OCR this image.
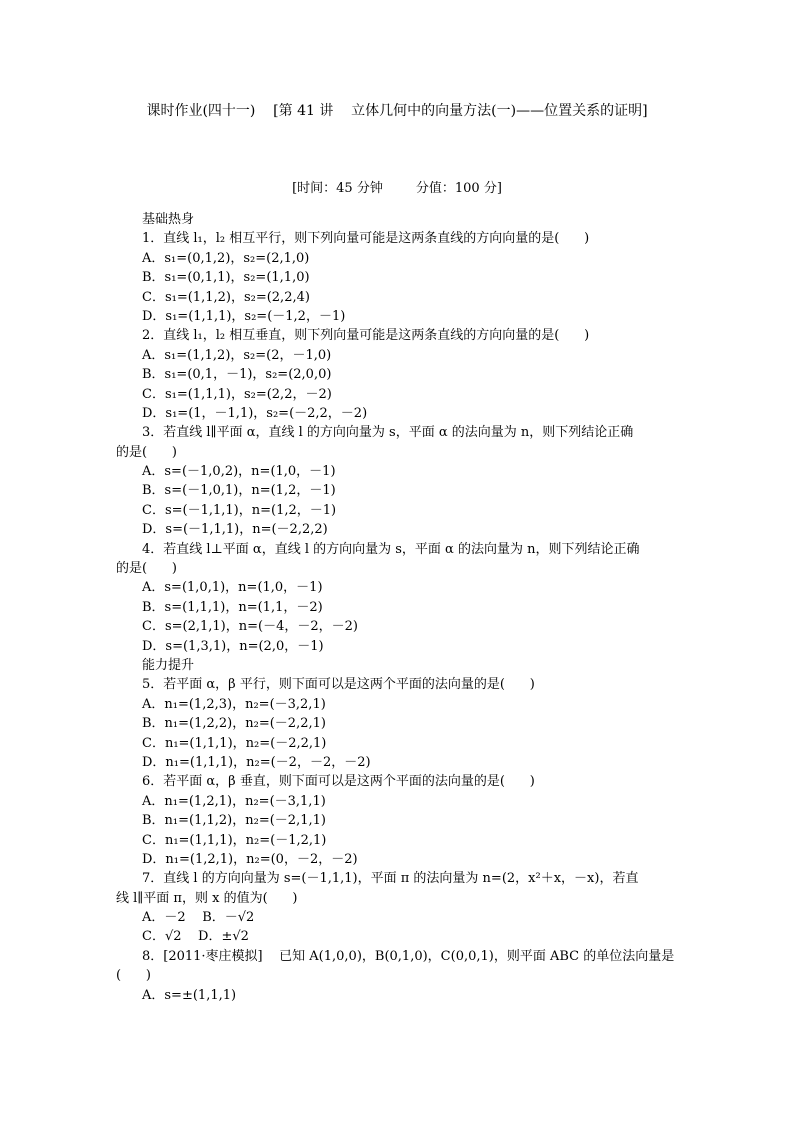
课时作业(四十一)    [第 41 讲    立体几何中的向量方法(一)——位置关系的证明]
[时间：45 分钟        分值：100 分]
基础热身
1．直线 l₁，l₂ 相互平行，则下列向量可能是这两条直线的方向向量的是(      )
A．s₁=(0,1,2)，s₂=(2,1,0)
B．s₁=(0,1,1)，s₂=(1,1,0)
C．s₁=(1,1,2)，s₂=(2,2,4)
D．s₁=(1,1,1)，s₂=(－1,2，－1)
2．直线 l₁，l₂ 相互垂直，则下列向量可能是这两条直线的方向向量的是(      )
A．s₁=(1,1,2)，s₂=(2，－1,0)
B．s₁=(0,1，－1)，s₂=(2,0,0)
C．s₁=(1,1,1)，s₂=(2,2，－2)
D．s₁=(1，－1,1)，s₂=(－2,2，－2)
3．若直线 l∥平面 α，直线 l 的方向向量为 s，平面 α 的法向量为 n，则下列结论正确
的是(      )
A．s=(－1,0,2)，n=(1,0，－1)
B．s=(－1,0,1)，n=(1,2，－1)
C．s=(－1,1,1)，n=(1,2，－1)
D．s=(－1,1,1)，n=(－2,2,2)
4．若直线 l⊥平面 α，直线 l 的方向向量为 s，平面 α 的法向量为 n，则下列结论正确
的是(      )
A．s=(1,0,1)，n=(1,0，－1)
B．s=(1,1,1)，n=(1,1，－2)
C．s=(2,1,1)，n=(－4，－2，－2)
D．s=(1,3,1)，n=(2,0，－1)
能力提升
5．若平面 α，β 平行，则下面可以是这两个平面的法向量的是(      )
A．n₁=(1,2,3)，n₂=(－3,2,1)
B．n₁=(1,2,2)，n₂=(－2,2,1)
C．n₁=(1,1,1)，n₂=(－2,2,1)
D．n₁=(1,1,1)，n₂=(－2，－2，－2)
6．若平面 α，β 垂直，则下面可以是这两个平面的法向量的是(      )
A．n₁=(1,2,1)，n₂=(－3,1,1)
B．n₁=(1,1,2)，n₂=(－2,1,1)
C．n₁=(1,1,1)，n₂=(－1,2,1)
D．n₁=(1,2,1)，n₂=(0，－2，－2)
7．直线 l 的方向向量为 s=(－1,1,1)，平面 π 的法向量为 n=(2，x²＋x，－x)，若直
线 l∥平面 π，则 x 的值为(      )
A．－2    B．－√2
C．√2    D．±√2
8．[2011·枣庄模拟]    已知 A(1,0,0)，B(0,1,0)，C(0,0,1)，则平面 ABC 的单位法向量是
(      )
A．s=±(1,1,1)
